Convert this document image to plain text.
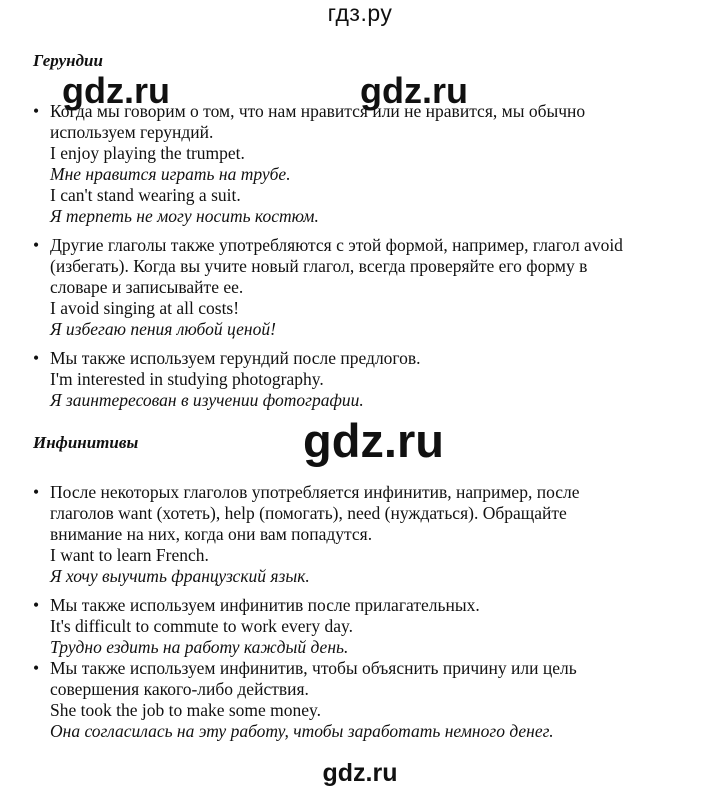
гдз.ру
gdz.ru	gdz.ru
gdz.ru
gdz.ru
Герундии
• Когда мы говорим о том, что нам нравится или не нравится, мы обычно
используем герундий.
I enjoy playing the trumpet.
Мне нравится играть на трубе.
I can't stand wearing a suit.
Я терпеть не могу носить костюм.
• Другие глаголы также употребляются с этой формой, например, глагол avoid
(избегать). Когда вы учите новый глагол, всегда проверяйте его форму в
словаре и записывайте ее.
I avoid singing at all costs!
Я избегаю пения любой ценой!
• Мы также используем герундий после предлогов.
I'm interested in studying photography.
Я заинтересован в изучении фотографии.
Инфинитивы
• После некоторых глаголов употребляется инфинитив, например, после
глаголов want (хотеть), help (помогать), need (нуждаться). Обращайте
внимание на них, когда они вам попадутся.
I want to learn French.
Я хочу выучить французский язык.
• Мы также используем инфинитив после прилагательных.
It's difficult to commute to work every day.
Трудно ездить на работу каждый день.
• Мы также используем инфинитив, чтобы объяснить причину или цель
совершения какого-либо действия.
She took the job to make some money.
Она согласилась на эту работу, чтобы заработать немного денег.
